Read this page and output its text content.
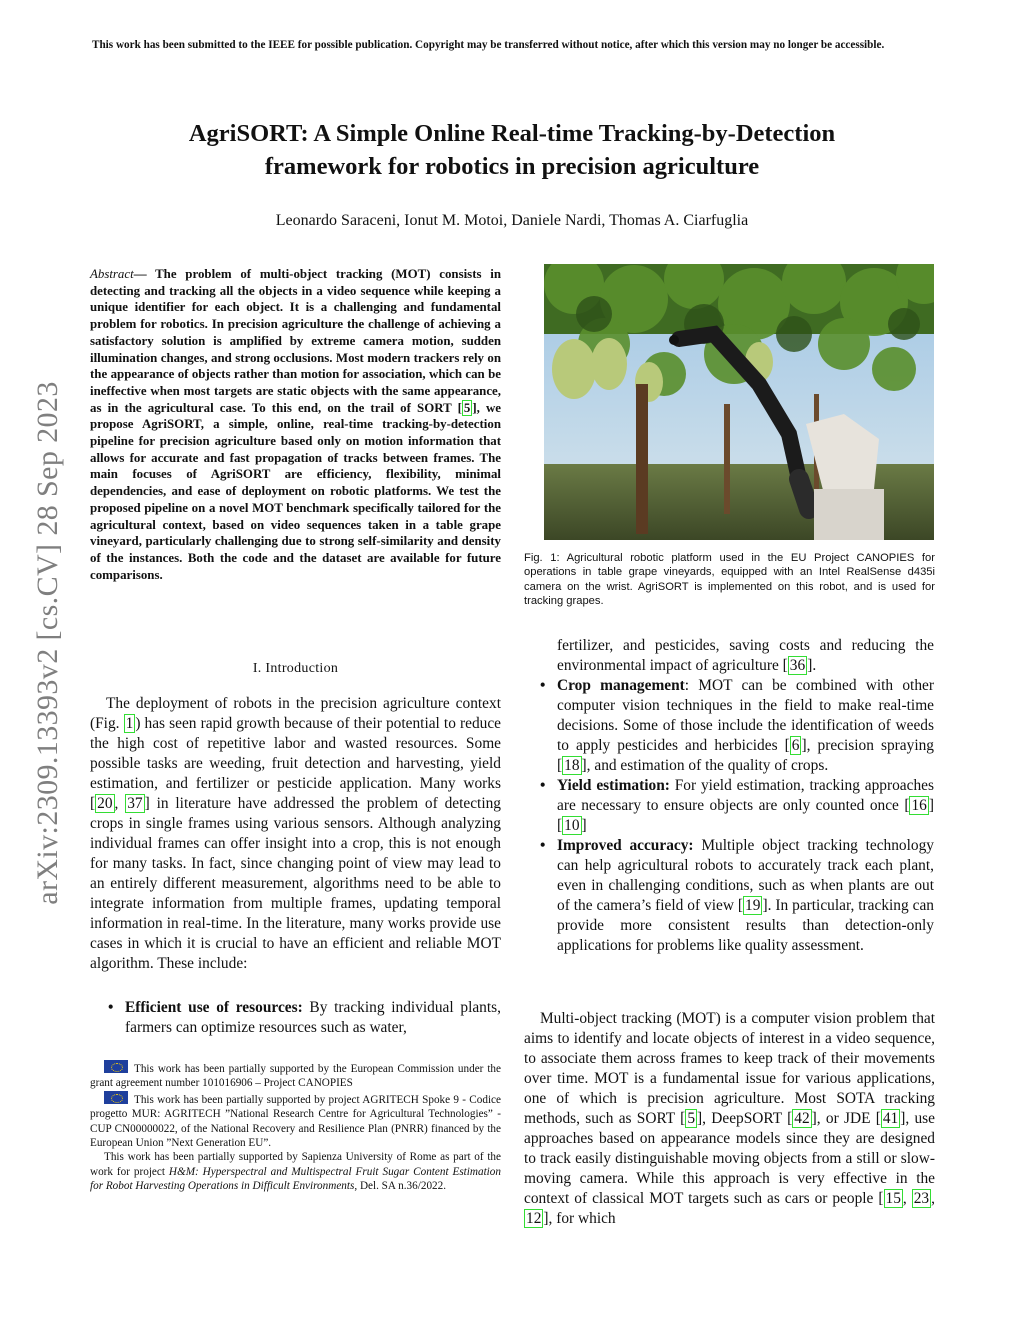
This work has been submitted to the IEEE for possible publication. Copyright may be transferred without notice, after which this version may no longer be accessible.
AgriSORT: A Simple Online Real-time Tracking-by-Detection
framework for robotics in precision agriculture
Leonardo Saraceni, Ionut M. Motoi, Daniele Nardi, Thomas A. Ciarfuglia
arXiv:2309.13393v2 [cs.CV] 28 Sep 2023
Abstract— The problem of multi-object tracking (MOT) consists in detecting and tracking all the objects in a video sequence while keeping a unique identifier for each object. It is a challenging and fundamental problem for robotics. In precision agriculture the challenge of achieving a satisfactory solution is amplified by extreme camera motion, sudden illumination changes, and strong occlusions. Most modern trackers rely on the appearance of objects rather than motion for association, which can be ineffective when most targets are static objects with the same appearance, as in the agricultural case. To this end, on the trail of SORT [ 5 ], we propose AgriSORT, a simple, online, real-time tracking-by-detection pipeline for precision agriculture based only on motion information that allows for accurate and fast propagation of tracks between frames. The main focuses of AgriSORT are efficiency, flexibility, minimal dependencies, and ease of deployment on robotic platforms. We test the proposed pipeline on a novel MOT benchmark specifically tailored for the agricultural context, based on video sequences taken in a table grape vineyard, particularly challenging due to strong self-similarity and density of the instances. Both the code and the dataset are available for future comparisons.
I. Introduction
The deployment of robots in the precision agriculture context (Fig. 1 ) has seen rapid growth because of their potential to reduce the high cost of repetitive labor and wasted resources. Some possible tasks are weeding, fruit detection and harvesting, yield estimation, and fertilizer or pesticide application. Many works [ 20 , 37 ] in literature have addressed the problem of detecting crops in single frames using various sensors. Although analyzing individual frames can offer insight into a crop, this is not enough for many tasks. In fact, since changing point of view may lead to an entirely different measurement, algorithms need to be able to integrate information from multiple frames, updating temporal information in real-time. In the literature, many works provide use cases in which it is crucial to have an efficient and reliable MOT algorithm. These include:

• Efficient use of resources: By tracking individual plants, farmers can optimize resources such as water,

This work has been partially supported by the European Commission under the grant agreement number 101016906 – Project CANOPIES

This work has been partially supported by project AGRITECH Spoke 9 - Codice progetto MUR: AGRITECH ”National Research Centre for Agricultural Technologies” - CUP CN00000022, of the National Recovery and Resilience Plan (PNRR) financed by the European Union ”Next Generation EU”.

This work has been partially supported by Sapienza University of Rome as part of the work for project H&M: Hyperspectral and Multispectral Fruit Sugar Content Estimation for Robot Harvesting Operations in Difficult Environments, Del. SA n.36/2022.

Fig. 1: Agricultural robotic platform used in the EU Project CANOPIES for operations in table grape vineyards, equipped with an Intel RealSense d435i camera on the wrist. AgriSORT is implemented on this robot, and is used for tracking grapes.

fertilizer, and pesticides, saving costs and reducing the environmental impact of agriculture [ 36 ].

• Crop management: MOT can be combined with other computer vision techniques in the field to make real-time decisions. Some of those include the identification of weeds to apply pesticides and herbicides [ 6 ], precision spraying [ 18 ], and estimation of the quality of crops.

• Yield estimation: For yield estimation, tracking approaches are necessary to ensure objects are only counted once [ 16 ][ 10 ]

• Improved accuracy: Multiple object tracking technology can help agricultural robots to accurately track each plant, even in challenging conditions, such as when plants are out of the camera’s field of view [ 19 ]. In particular, tracking can provide more consistent results than detection-only applications for problems like quality assessment.

Multi-object tracking (MOT) is a computer vision problem that aims to identify and locate objects of interest in a video sequence, to associate them across frames to keep track of their movements over time. MOT is a fundamental issue for various applications, one of which is precision agriculture. Most SOTA tracking methods, such as SORT [ 5 ], DeepSORT [ 42 ], or JDE [ 41 ], use approaches based on appearance models since they are designed to track easily distinguishable moving objects from a still or slow-moving camera. While this approach is very effective in the context of classical MOT targets such as cars or people [ 15 , 23 , 12 ], for which
